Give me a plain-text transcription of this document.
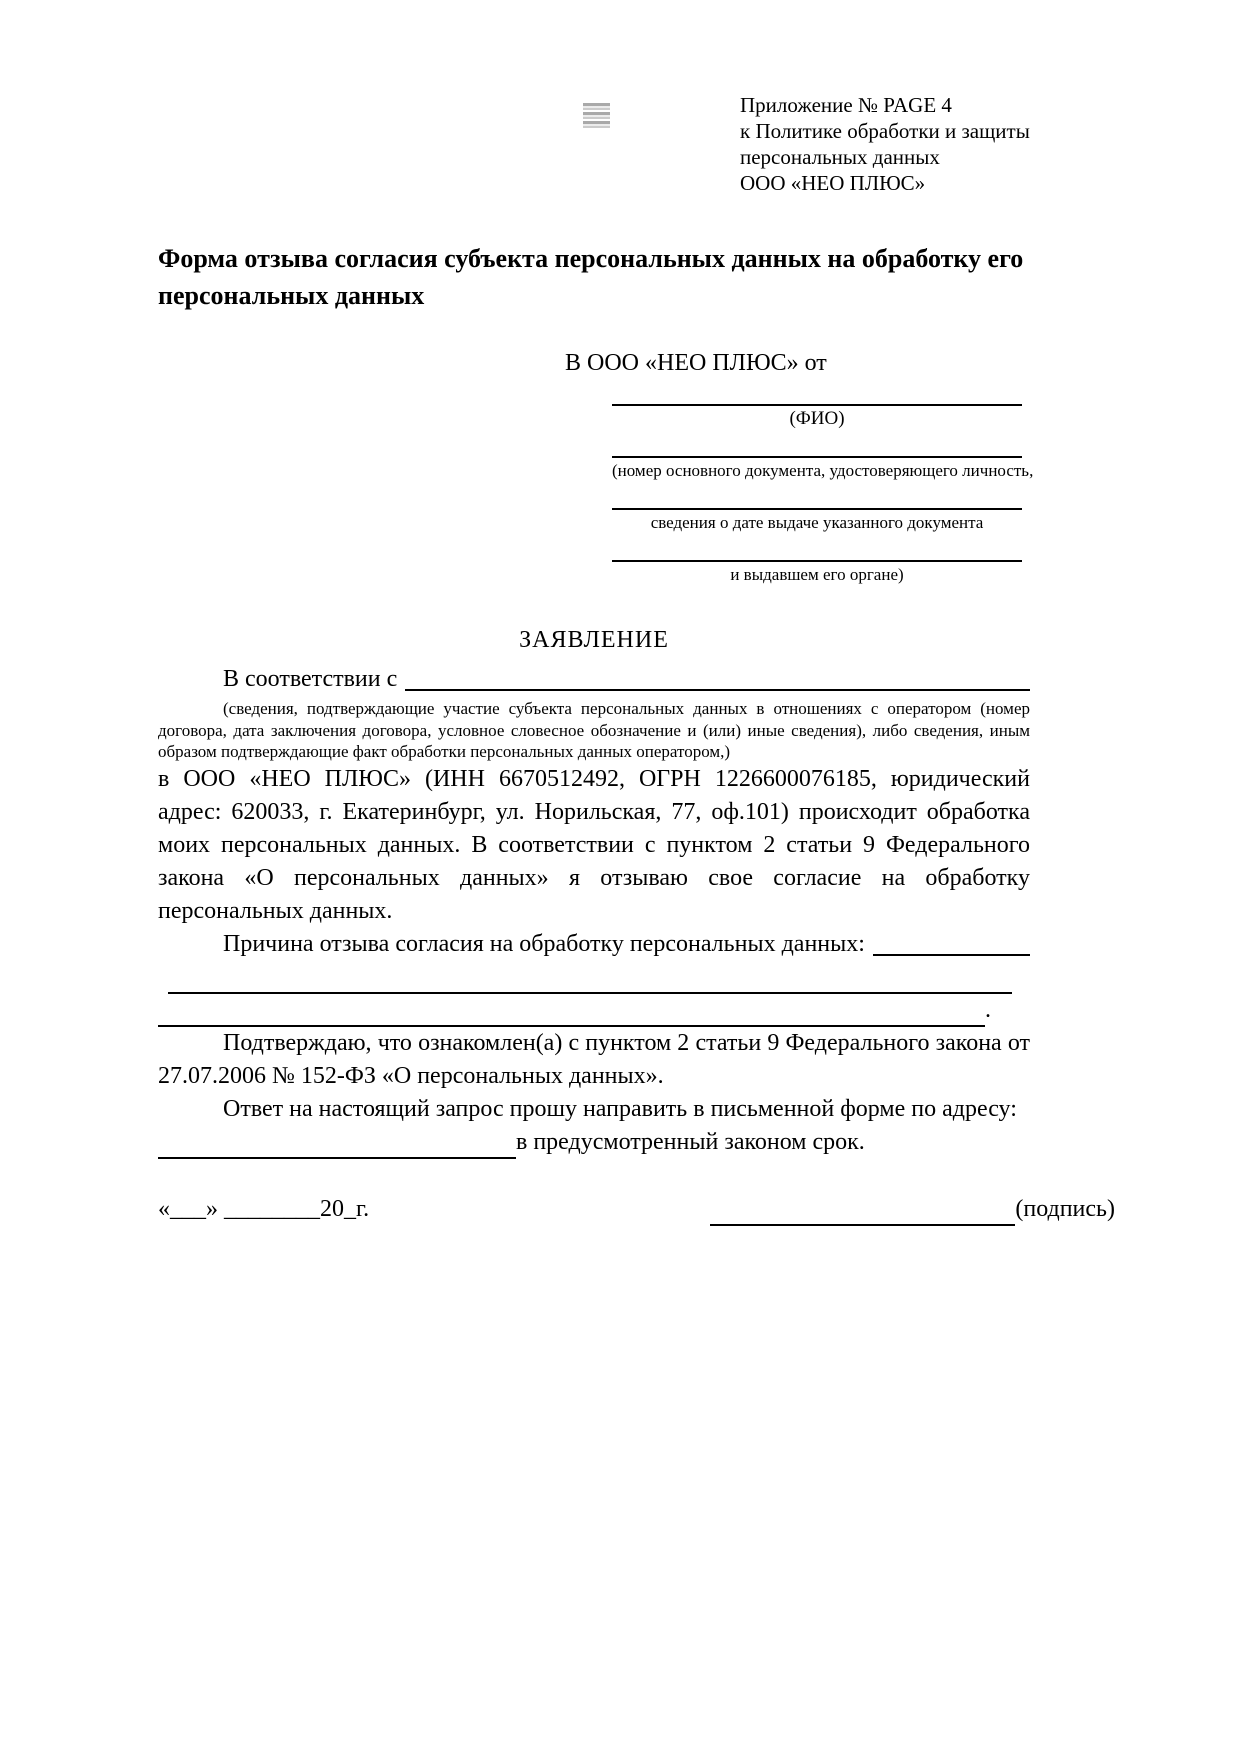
Приложение № PAGE 4
к Политике обработки и защиты
персональных данных
ООО «НЕО ПЛЮС»
Форма отзыва согласия субъекта персональных данных на обработку его персональных данных
В ООО «НЕО ПЛЮС» от
(ФИО)
(номер основного документа, удостоверяющего личность,
сведения о дате выдаче указанного документа
и выдавшем его органе)
ЗАЯВЛЕНИЕ
В соответствии с
(сведения, подтверждающие участие субъекта персональных данных в отношениях с оператором (номер договора, дата заключения договора, условное словесное обозначение и (или) иные сведения), либо сведения, иным образом подтверждающие факт обработки персональных данных оператором,)

в ООО «НЕО ПЛЮС» (ИНН 6670512492, ОГРН 1226600076185, юридический адрес: 620033, г. Екатеринбург, ул. Норильская, 77, оф.101) происходит обработка моих персональных данных. В соответствии с пунктом 2 статьи 9 Федерального закона «О персональных данных» я отзываю свое согласие на обработку персональных данных.

Причина отзыва согласия на обработку персональных данных:
.

Подтверждаю, что ознакомлен(а) с пунктом 2 статьи 9 Федерального закона от 27.07.2006 № 152-ФЗ «О персональных данных».

Ответ на настоящий запрос прошу направить в письменной форме по адресу:

в предусмотренный законом срок.
«___» ________20_г.	(подпись)
